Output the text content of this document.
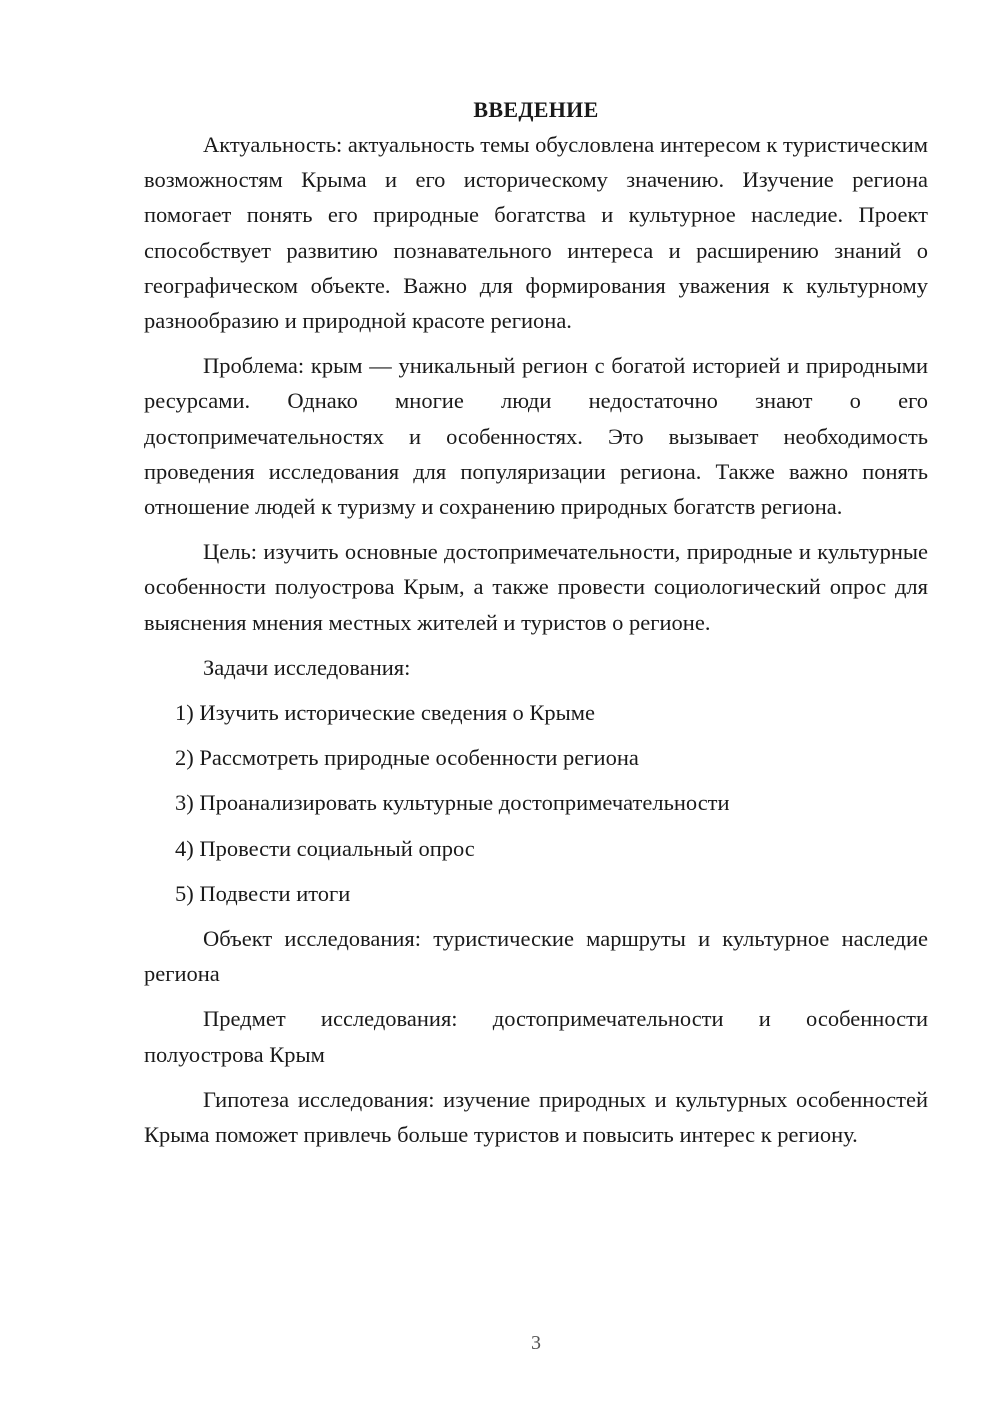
ВВЕДЕНИЕ

Актуальность: актуальность темы обусловлена интересом к туристическим возможностям Крыма и его историческому значению. Изучение региона помогает понять его природные богатства и культурное наследие. Проект способствует развитию познавательного интереса и расширению знаний о географическом объекте. Важно для формирования уважения к культурному разнообразию и природной красоте региона.

Проблема: крым — уникальный регион с богатой историей и природными ресурсами. Однако многие люди недостаточно знают о его достопримечательностях и особенностях. Это вызывает необходимость проведения исследования для популяризации региона. Также важно понять отношение людей к туризму и сохранению природных богатств региона.

Цель: изучить основные достопримечательности, природные и культурные особенности полуострова Крым, а также провести социологический опрос для выяснения мнения местных жителей и туристов о регионе.

Задачи исследования:

1) Изучить исторические сведения о Крыме
2) Рассмотреть природные особенности региона
3) Проанализировать культурные достопримечательности
4) Провести социальный опрос
5) Подвести итоги

Объект исследования: туристические маршруты и культурное наследие региона

Предмет исследования: достопримечательности и особенности полуострова Крым

Гипотеза исследования: изучение природных и культурных особенностей Крыма поможет привлечь больше туристов и повысить интерес к региону.

3
